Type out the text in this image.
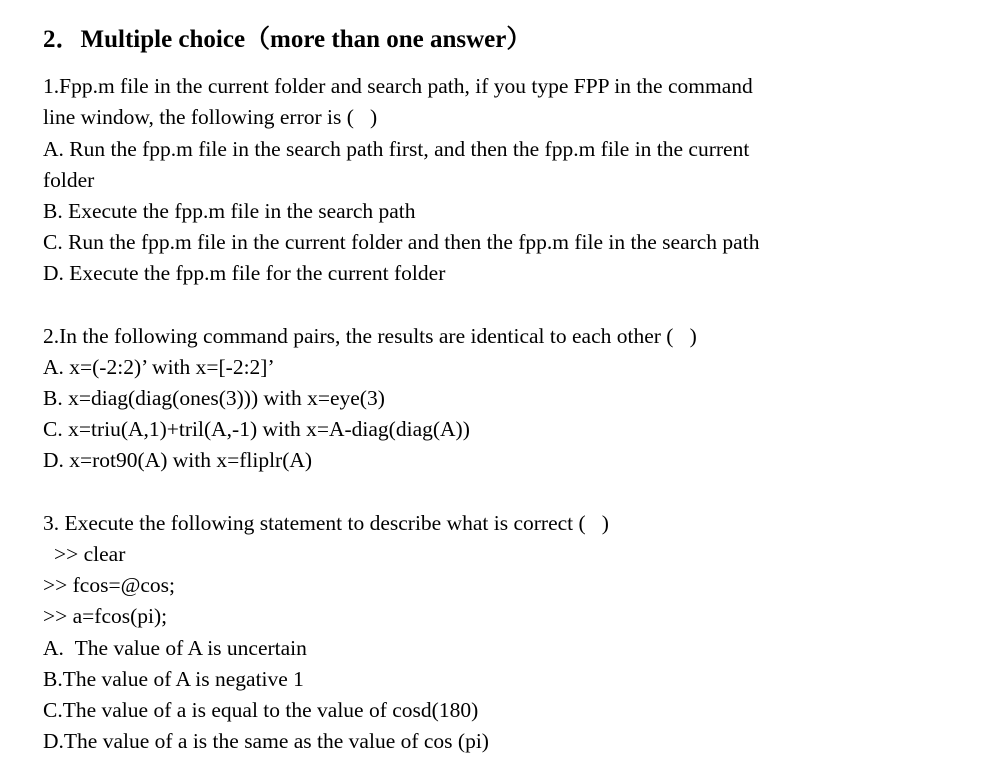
2．Multiple choice（more than one answer）
1.Fpp.m file in the current folder and search path, if you type FPP in the command
line window, the following error is (   )
A. Run the fpp.m file in the search path first, and then the fpp.m file in the current
folder
B. Execute the fpp.m file in the search path
C. Run the fpp.m file in the current folder and then the fpp.m file in the search path
D. Execute the fpp.m file for the current folder
2.In the following command pairs, the results are identical to each other (   )
A. x=(-2:2)’ with x=[-2:2]’
B. x=diag(diag(ones(3))) with x=eye(3)
C. x=triu(A,1)+tril(A,-1) with x=A-diag(diag(A))
D. x=rot90(A) with x=fliplr(A)
3. Execute the following statement to describe what is correct (   )
>> clear
>> fcos=@cos;
>> a=fcos(pi);
A.  The value of A is uncertain
B.The value of A is negative 1
C.The value of a is equal to the value of cosd(180)
D.The value of a is the same as the value of cos (pi)
